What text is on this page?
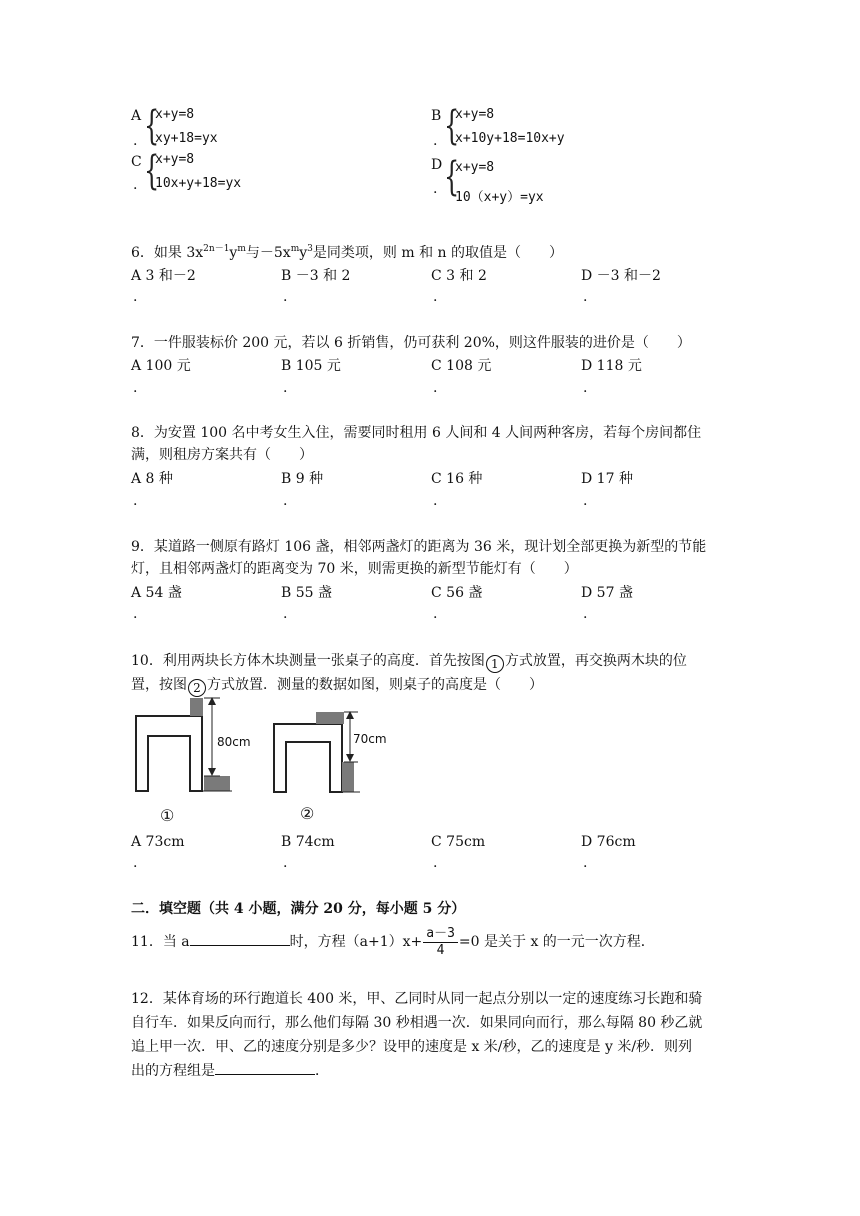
A
. {
x+y=8
xy+18=yx
B
. {
x+y=8
x+10y+18=10x+y
C
. {
x+y=8
10x+y+18=yx
D
. {
x+y=8
10（x+y）=yx
6．如果 $3x^{2n-1}y^m$与$-5x^my^3$是同类项，则 m 和 n 的取值是（　　）
A 3 和－2	B －3 和 2	C 3 和 2	D －3 和－2
.	.	.	.
7．一件服装标价 200 元，若以 6 折销售，仍可获利 20%，则这件服装的进价是（　　）
A 100 元	B 105 元	C 108 元	D 118 元
.	.	.	.
8．为安置 100 名中考女生入住，需要同时租用 6 人间和 4 人间两种客房，若每个房间都住
满，则租房方案共有（　　）
A 8 种	B 9 种	C 16 种	D 17 种
.	.	.	.
9．某道路一侧原有路灯 106 盏，相邻两盏灯的距离为 36 米，现计划全部更换为新型的节能
灯，且相邻两盏灯的距离变为 70 米，则需更换的新型节能灯有（　　）
A 54 盏	B 55 盏	C 56 盏	D 57 盏
.	.	.	.
10．利用两块长方体木块测量一张桌子的高度．首先按图 1 方式放置，再交换两木块的位
置，按图 2 方式放置．测量的数据如图，则桌子的高度是（　　）
80cm
①
70cm
②
A 73cm	B 74cm	C 75cm	D 76cm
.	.	.	.
二．填空题（共 4 小题，满分 20 分，每小题 5 分）
11．当 a	时，方程$(a+1)x+ \frac{a-3}{4} =0$ 是关于 x 的一元一次方程．
12．某体育场的环行跑道长 400 米，甲、乙同时从同一起点分别以一定的速度练习长跑和骑
自行车．如果反向而行，那么他们每隔 30 秒相遇一次．如果同向而行，那么每隔 80 秒乙就
追上甲一次．甲、乙的速度分别是多少？设甲的速度是 x 米/秒，乙的速度是 y 米/秒．则列
出的方程组是	．
